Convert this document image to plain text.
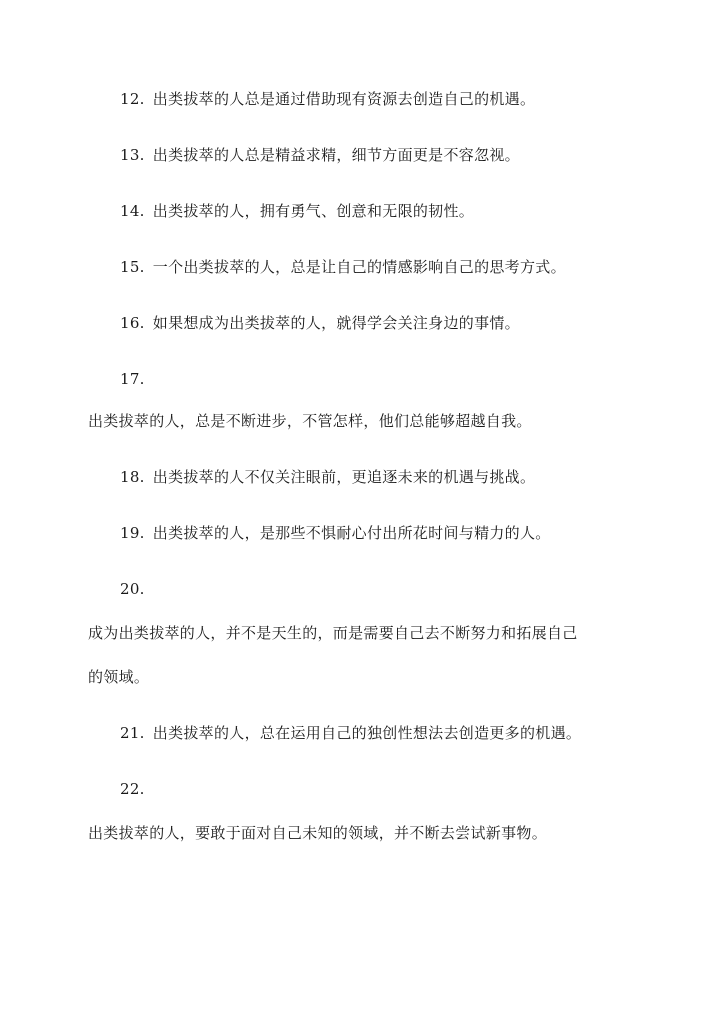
12. 出类拔萃的人总是通过借助现有资源去创造自己的机遇。
13. 出类拔萃的人总是精益求精，细节方面更是不容忽视。
14. 出类拔萃的人，拥有勇气、创意和无限的韧性。
15. 一个出类拔萃的人，总是让自己的情感影响自己的思考方式。
16. 如果想成为出类拔萃的人，就得学会关注身边的事情。
17.
出类拔萃的人，总是不断进步，不管怎样，他们总能够超越自我。
18. 出类拔萃的人不仅关注眼前，更追逐未来的机遇与挑战。
19. 出类拔萃的人，是那些不惧耐心付出所花时间与精力的人。
20.
成为出类拔萃的人，并不是天生的，而是需要自己去不断努力和拓展自己
的领域。
21. 出类拔萃的人，总在运用自己的独创性想法去创造更多的机遇。
22.
出类拔萃的人，要敢于面对自己未知的领域，并不断去尝试新事物。
